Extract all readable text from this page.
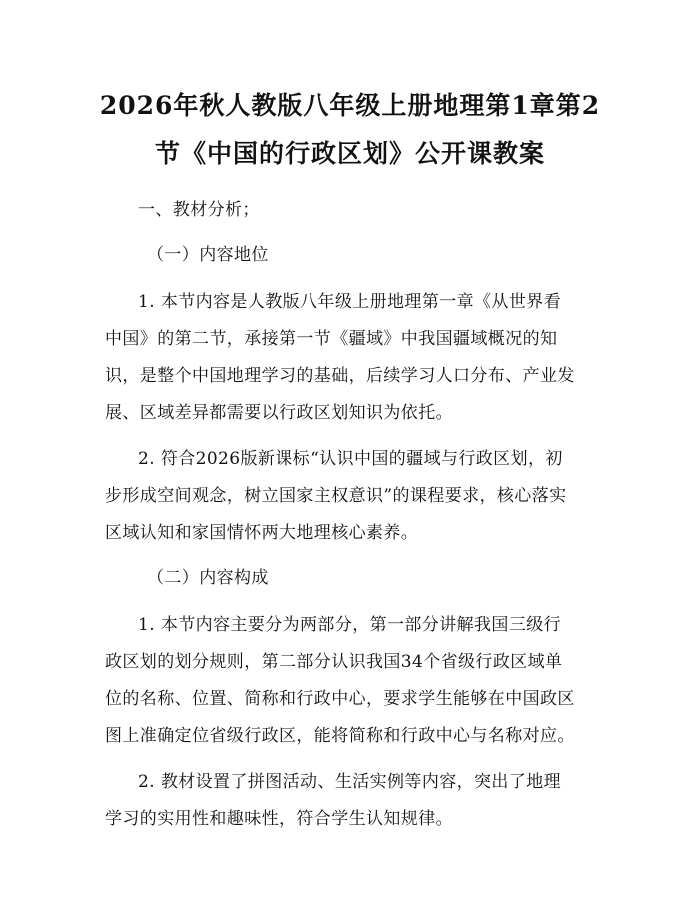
2026年秋人教版八年级上册地理第1章第2
节《中国的行政区划》公开课教案
一、教材分析；
（一）内容地位
1. 本节内容是人教版八年级上册地理第一章《从世界看
中国》的第二节，承接第一节《疆域》中我国疆域概况的知
识，是整个中国地理学习的基础，后续学习人口分布、产业发
展、区域差异都需要以行政区划知识为依托。
2. 符合2026版新课标“认识中国的疆域与行政区划，初
步形成空间观念，树立国家主权意识”的课程要求，核心落实
区域认知和家国情怀两大地理核心素养。
（二）内容构成
1. 本节内容主要分为两部分，第一部分讲解我国三级行
政区划的划分规则，第二部分认识我国34个省级行政区域单
位的名称、位置、简称和行政中心，要求学生能够在中国政区
图上准确定位省级行政区，能将简称和行政中心与名称对应。
2. 教材设置了拼图活动、生活实例等内容，突出了地理
学习的实用性和趣味性，符合学生认知规律。
